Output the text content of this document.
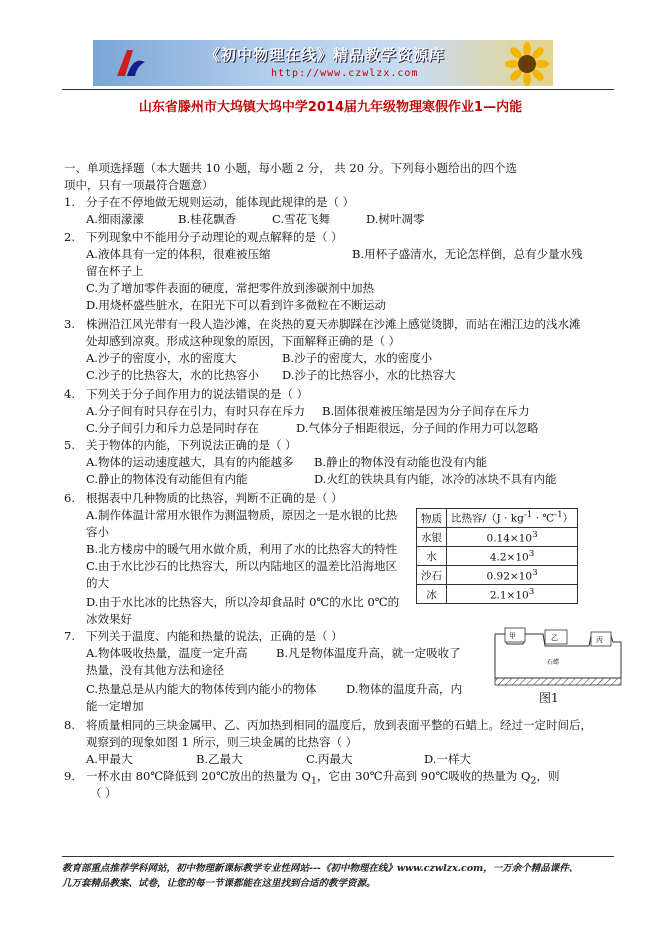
《初中物理在线》精品教学资源库
http://www.czwlzx.com
山东省滕州市大坞镇大坞中学2014届九年级物理寒假作业1—内能
一、单项选择题（本大题共 10 小题，每小题 2 分， 共 20 分。下列每小题给出的四个选
项中，只有一项最符合题意）
1. 分子在不停地做无规则运动，能体现此规律的是（ ）
A.细雨濛濛	B.桂花飘香	C.雪花飞舞	D.树叶凋零
2. 下列现象中不能用分子动理论的观点解释的是（ ）
A.液体具有一定的体积，很难被压缩	B.用杯子盛清水，无论怎样倒，总有少量水残
留在杯子上
C.为了增加零件表面的硬度，常把零件放到渗碳剂中加热
D.用烧杯盛些脏水，在阳光下可以看到许多微粒在不断运动
3. 株洲沿江风光带有一段人造沙滩，在炎热的夏天赤脚踩在沙滩上感觉烫脚，而站在湘江边的浅水滩
处却感到凉爽。形成这种现象的原因，下面解释正确的是（ ）
A.沙子的密度小，水的密度大	B.沙子的密度大，水的密度小
C.沙子的比热容大，水的比热容小 D.沙子的比热容小，水的比热容大
4. 下列关于分子间作用力的说法错误的是（ ）
A.分子间有时只存在引力，有时只存在斥力 B.固体很难被压缩是因为分子间存在斥力
C.分子间引力和斥力总是同时存在	D.气体分子相距很远，分子间的作用力可以忽略
5. 关于物体的内能，下列说法正确的是（ ）
A.物体的运动速度越大，具有的内能越多 B.静止的物体没有动能也没有内能
C.静止的物体没有动能但有内能	D.火红的铁块具有内能，冰冷的冰块不具有内能
6. 根据表中几种物质的比热容，判断不正确的是（ ）
A.制作体温计常用水银作为测温物质，原因之一是水银的比热
容小
B.北方楼房中的暖气用水做介质，利用了水的比热容大的特性
C.由于水比沙石的比热容大，所以内陆地区的温差比沿海地区
的大
D.由于水比冰的比热容大，所以冷却食品时 0℃的水比 0℃的
冰效果好
物质	比热容$/(J \cdot kg^{-1}$ · ℃$^{-1}$）
水银	$0.14\times 10^3$
水	$4.2\times 10^3$
沙石	$0.92\times 10^3$
冰	$2.1\times 10^3$
7. 下列关于温度、内能和热量的说法，正确的是（ ）
A.物体吸收热量，温度一定升高 B.凡是物体温度升高，就一定吸收了
热量，没有其他方法和途径
C.热量总是从内能大的物体传到内能小的物体	D.物体的温度升高，内
能一定增加
甲	乙	丙
石蜡
图1
8. 将质量相同的三块金属甲、乙、丙加热到相同的温度后，放到表面平整的石蜡上。经过一定时间后，
观察到的现象如图 1 所示，则三块金属的比热容（ ）
A.甲最大	B.乙最大	C.丙最大	D.一样大
9. 一杯水由 80℃降低到 20℃放出的热量为 $Q_1$，它由 30℃升高到 90℃吸收的热量为 $Q_2$，则
（ ）
教育部重点推荐学科网站，初中物理新课标教学专业性网站---《初中物理在线》www.czwlzx.com，一万余个精品课件、
几万套精品教案、试卷，让您的每一节课都能在这里找到合适的教学资源。
